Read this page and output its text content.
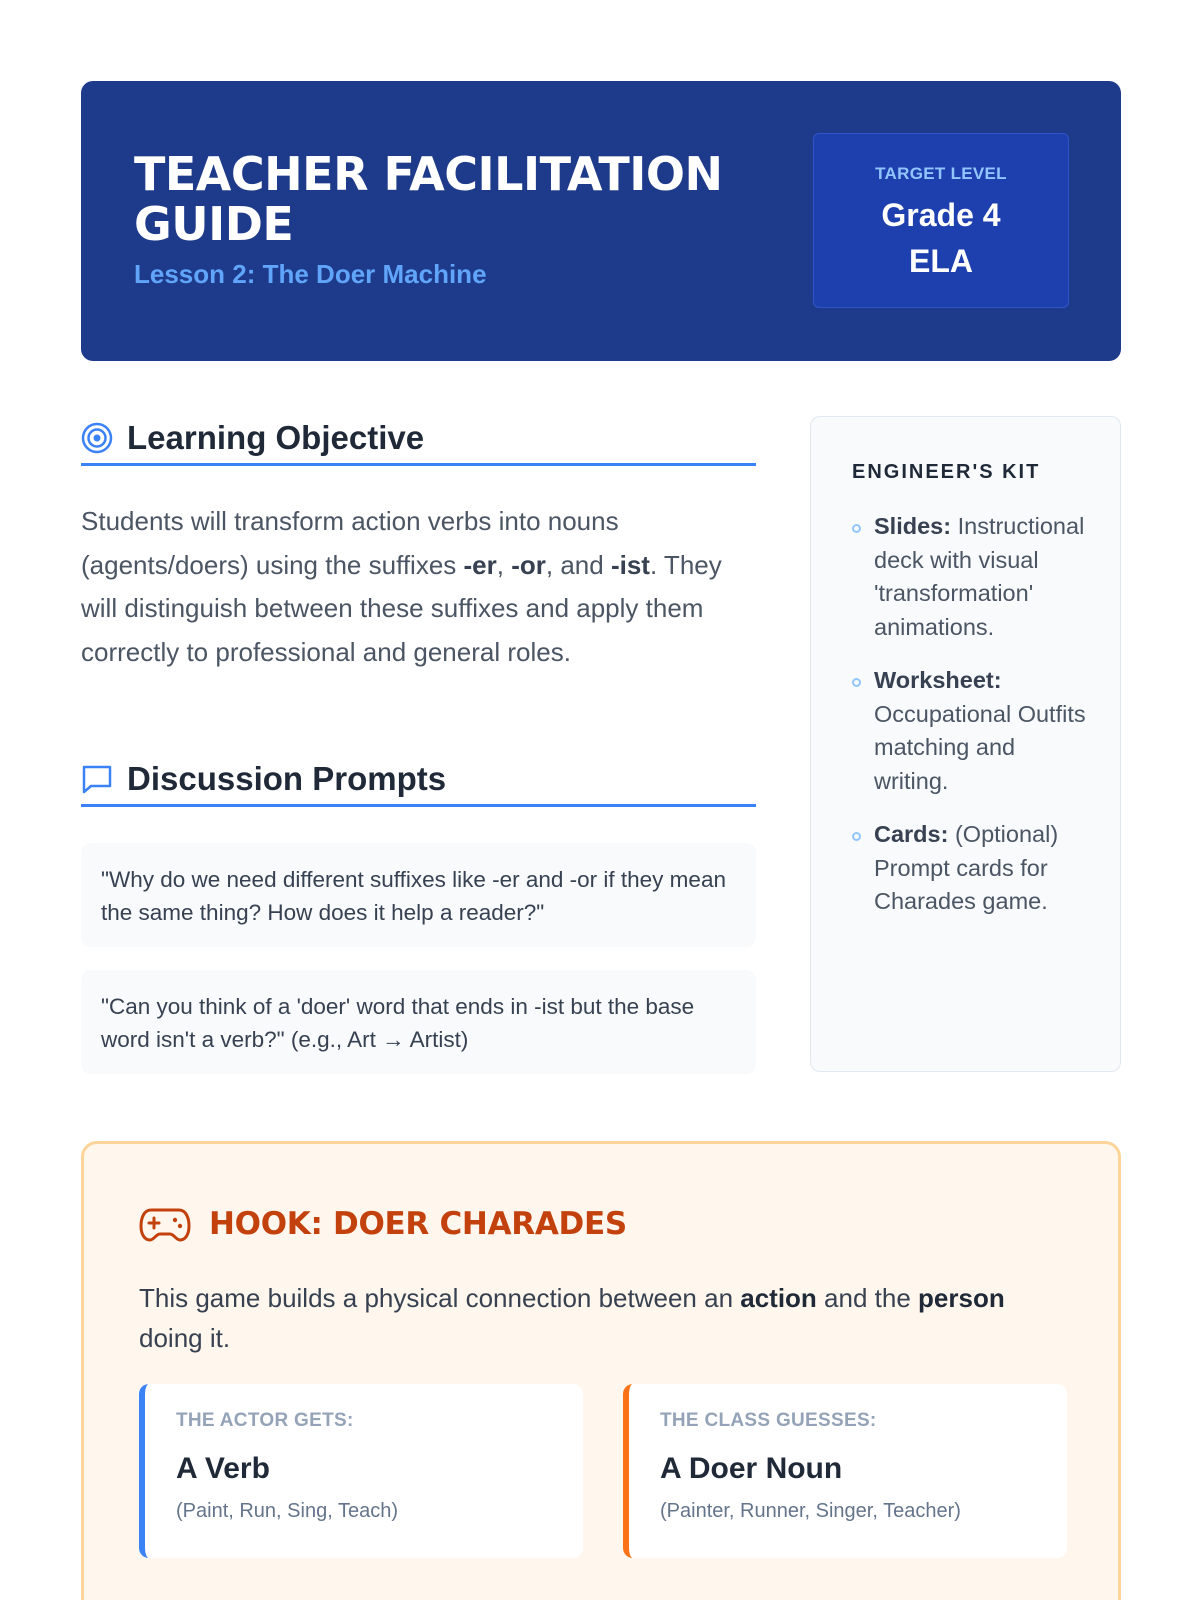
TEACHER FACILITATION GUIDE
Lesson 2: The Doer Machine
TARGET LEVEL
Grade 4
ELA
Learning Objective

Students will transform action verbs into nouns (agents/doers) using the suffixes -er, -or, and -ist. They will distinguish between these suffixes and apply them correctly to professional and general roles.

Discussion Prompts
"Why do we need different suffixes like -er and -or if they mean the same thing? How does it help a reader?"
"Can you think of a 'doer' word that ends in -ist but the base word isn't a verb?" (e.g., Art → Artist)
ENGINEER'S KIT
Slides: Instructional deck with visual 'transformation' animations.
Worksheet: Occupational Outfits matching and writing.
Cards: (Optional) Prompt cards for Charades game.
HOOK: DOER CHARADES

This game builds a physical connection between an action and the person doing it.

THE ACTOR GETS:
A Verb
(Paint, Run, Sing, Teach)
THE CLASS GUESSES:
A Doer Noun
(Painter, Runner, Singer, Teacher)
